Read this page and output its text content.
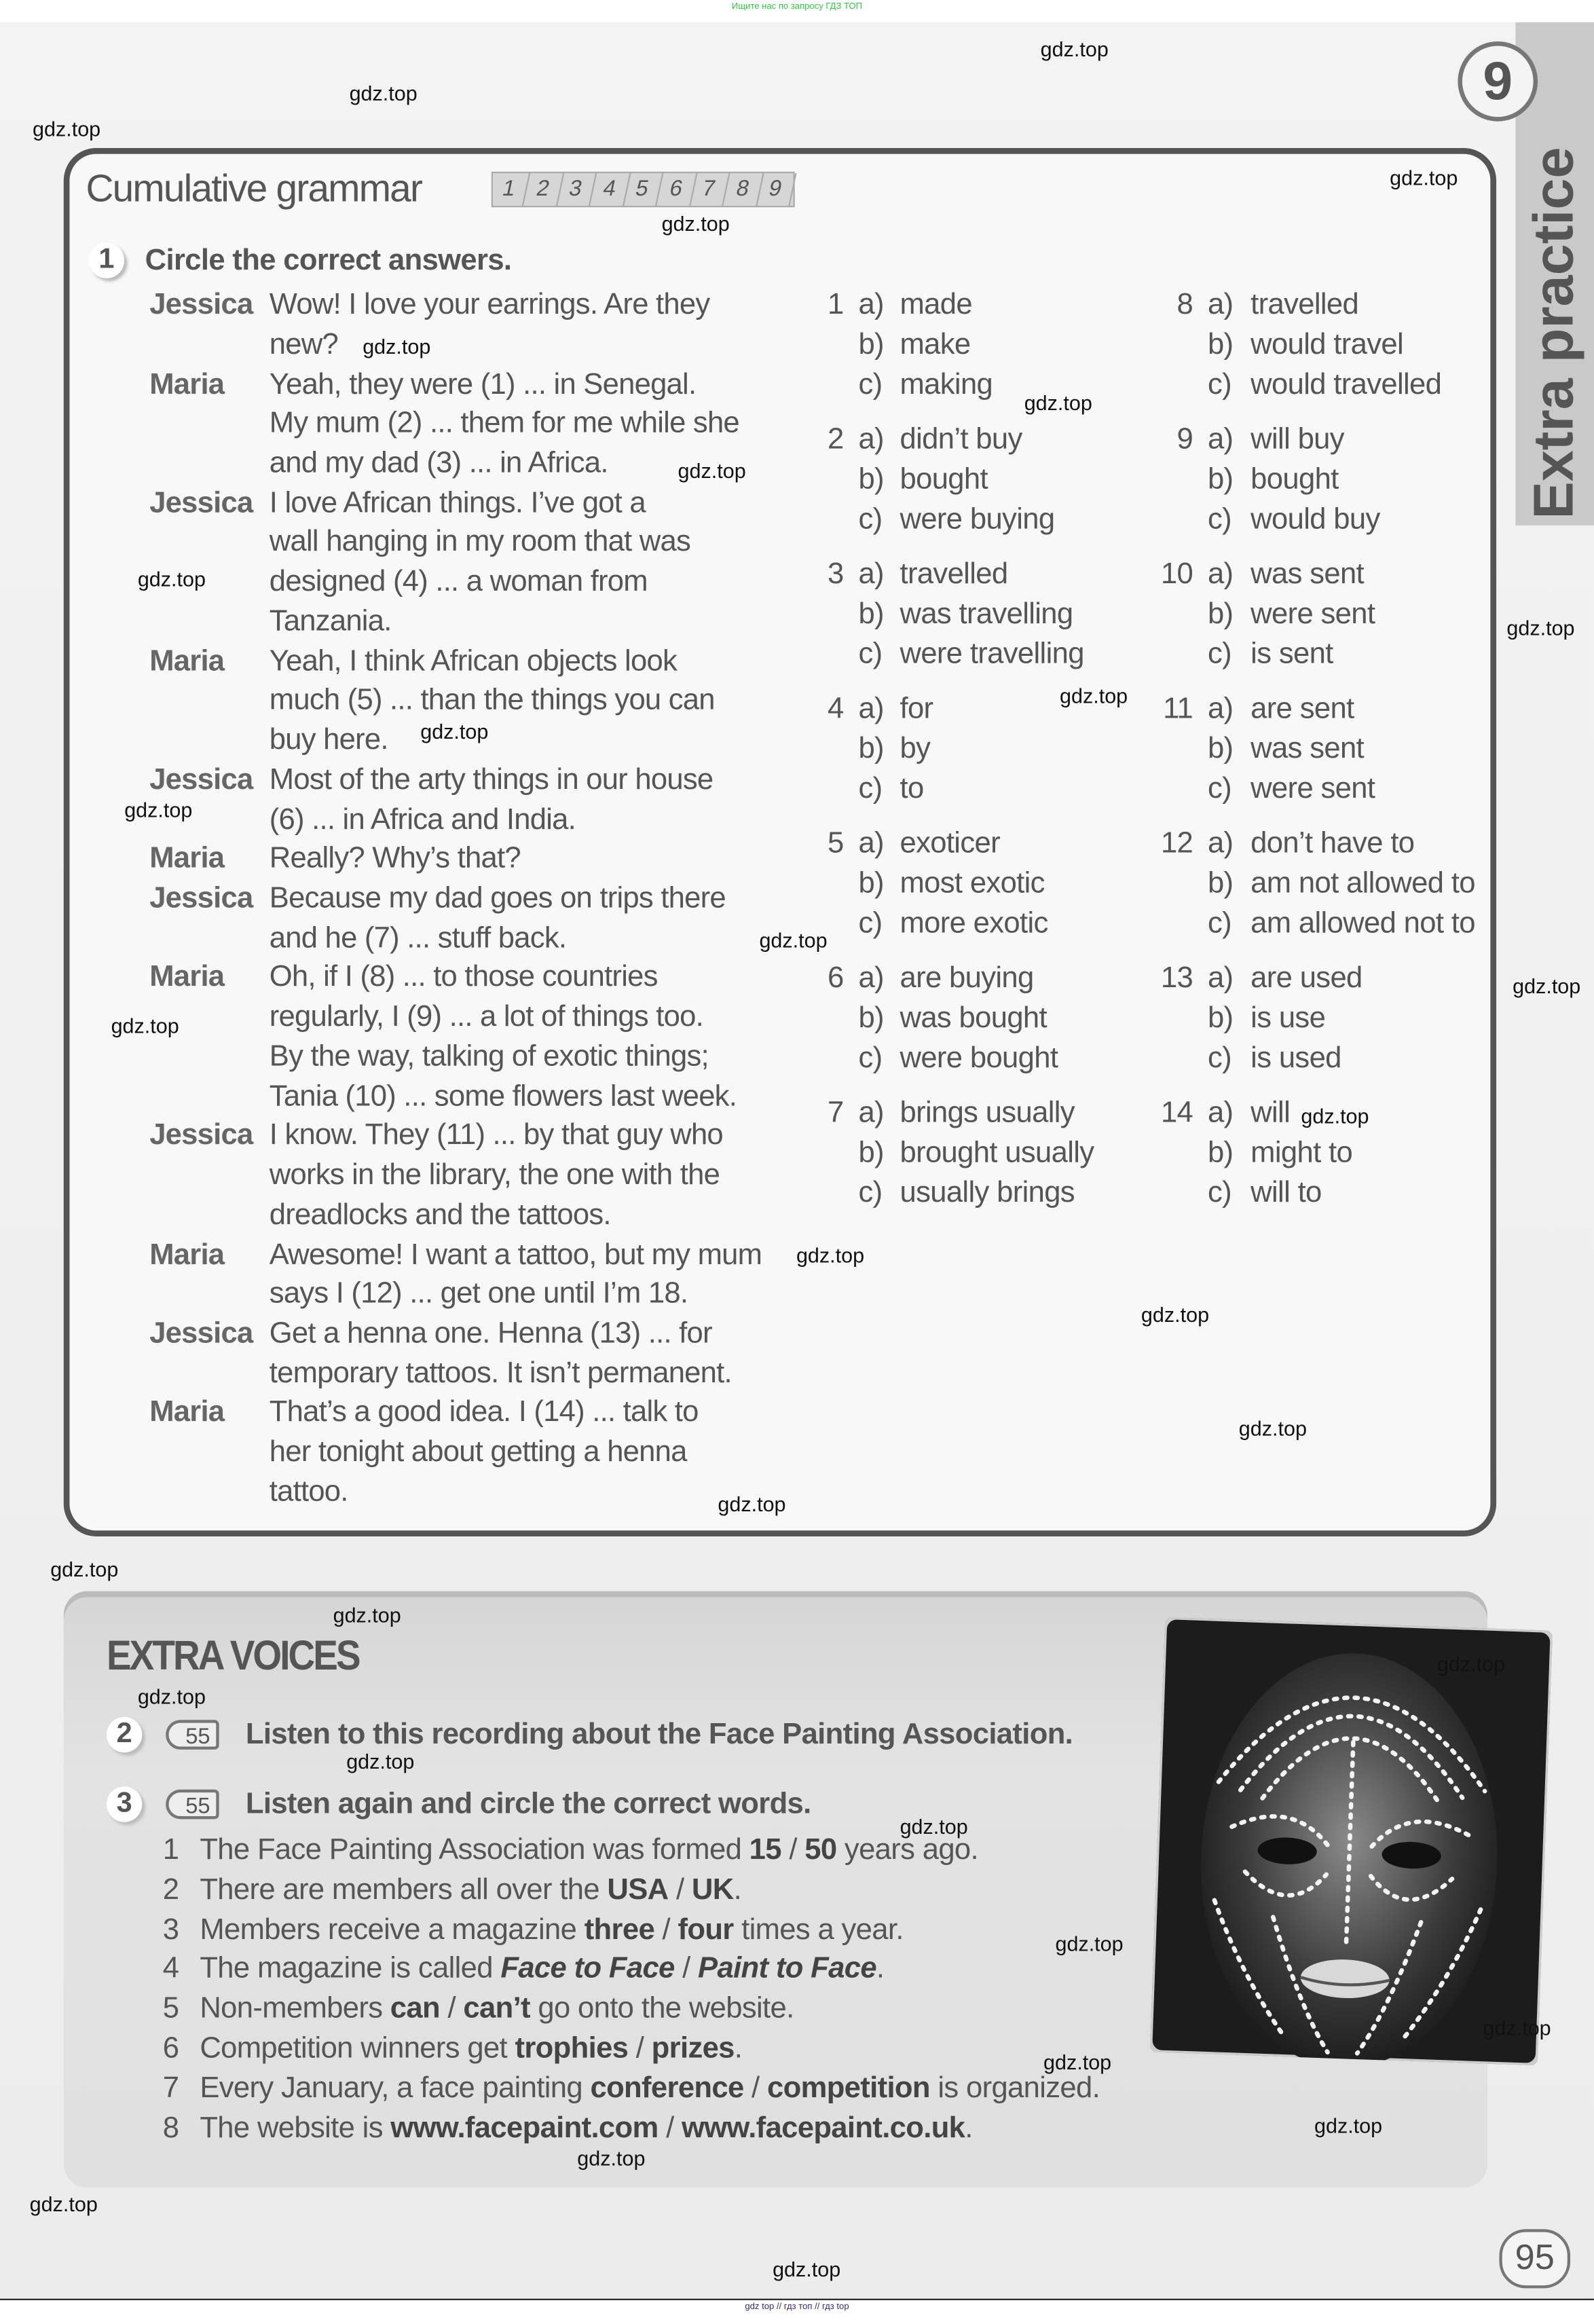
Ищите нас по запросу ГДЗ ТОП
Extra practice
9
Cumulative grammar	1	2	3	4	5	6	7	8	9
1	Circle the correct answers.
Jessica Wow! I love your earrings. Are they
new?
Maria	Yeah, they were (1) ... in Senegal.
My mum (2) ... them for me while she
and my dad (3) ... in Africa.
Jessica I love African things. I’ve got a
wall hanging in my room that was
designed (4) ... a woman from
Tanzania.
Maria	Yeah, I think African objects look
much (5) ... than the things you can
buy here.
Jessica Most of the arty things in our house
(6) ... in Africa and India.
Maria	Really? Why’s that?
Jessica Because my dad goes on trips there
and he (7) ... stuff back.
Maria	Oh, if I (8) ... to those countries
regularly, I (9) ... a lot of things too.
By the way, talking of exotic things;
Tania (10) ... some flowers last week.
Jessica I know. They (11) ... by that guy who
works in the library, the one with the
dreadlocks and the tattoos.
Maria	Awesome! I want a tattoo, but my mum
says I (12) ... get one until I’m 18.
Jessica Get a henna one. Henna (13) ... for
temporary tattoos. It isn’t permanent.
Maria	That’s a good idea. I (14) ... talk to
her tonight about getting a henna
tattoo.
1 a) made
b) make
c) making
2 a) didn’t buy
b) bought
c) were buying
3 a) travelled
b) was travelling
c) were travelling
4 a) for
b) by
c) to
5 a) exoticer
b) most exotic
c) more exotic
6 a) are buying
b) was bought
c) were bought
7 a) brings usually
b) brought usually
c) usually brings
8 a) travelled
b) would travel
c) would travelled
9 a) will buy
b) bought
c) would buy
10 a) was sent
b) were sent
c) is sent
11 a) are sent
b) was sent
c) were sent
12 a) don’t have to
b) am not allowed to
c) am allowed not to
13 a) are used
b) is use
c) is used
14 a) will
b) might to
c) will to
EXTRA VOICES
2	55	Listen to this recording about the Face Painting Association.
3	55	Listen again and circle the correct words.
1 The Face Painting Association was formed 15 / 50 years ago.
2 There are members all over the USA / UK.
3 Members receive a magazine three / four times a year.
4 The magazine is called Face to Face / Paint to Face.
5 Non-members can / can’t go onto the website.
6 Competition winners get trophies / prizes.
7 Every January, a face painting conference / competition is organized.
8 The website is www.facepaint.com / www.facepaint.co.uk.
95
gdz top // гдз топ // гдз top
gdz.top
gdz.top
gdz.top
gdz.top
gdz.top
gdz.top
gdz.top
gdz.top
gdz.top
gdz.top
gdz.top
gdz.top
gdz.top
gdz.top
gdz.top
gdz.top
gdz.top
gdz.top
gdz.top
gdz.top
gdz.top
gdz.top
gdz.top
gdz.top
gdz.top
gdz.top
gdz.top
gdz.top
gdz.top
gdz.top
gdz.top
gdz.top
gdz.top
gdz.top
